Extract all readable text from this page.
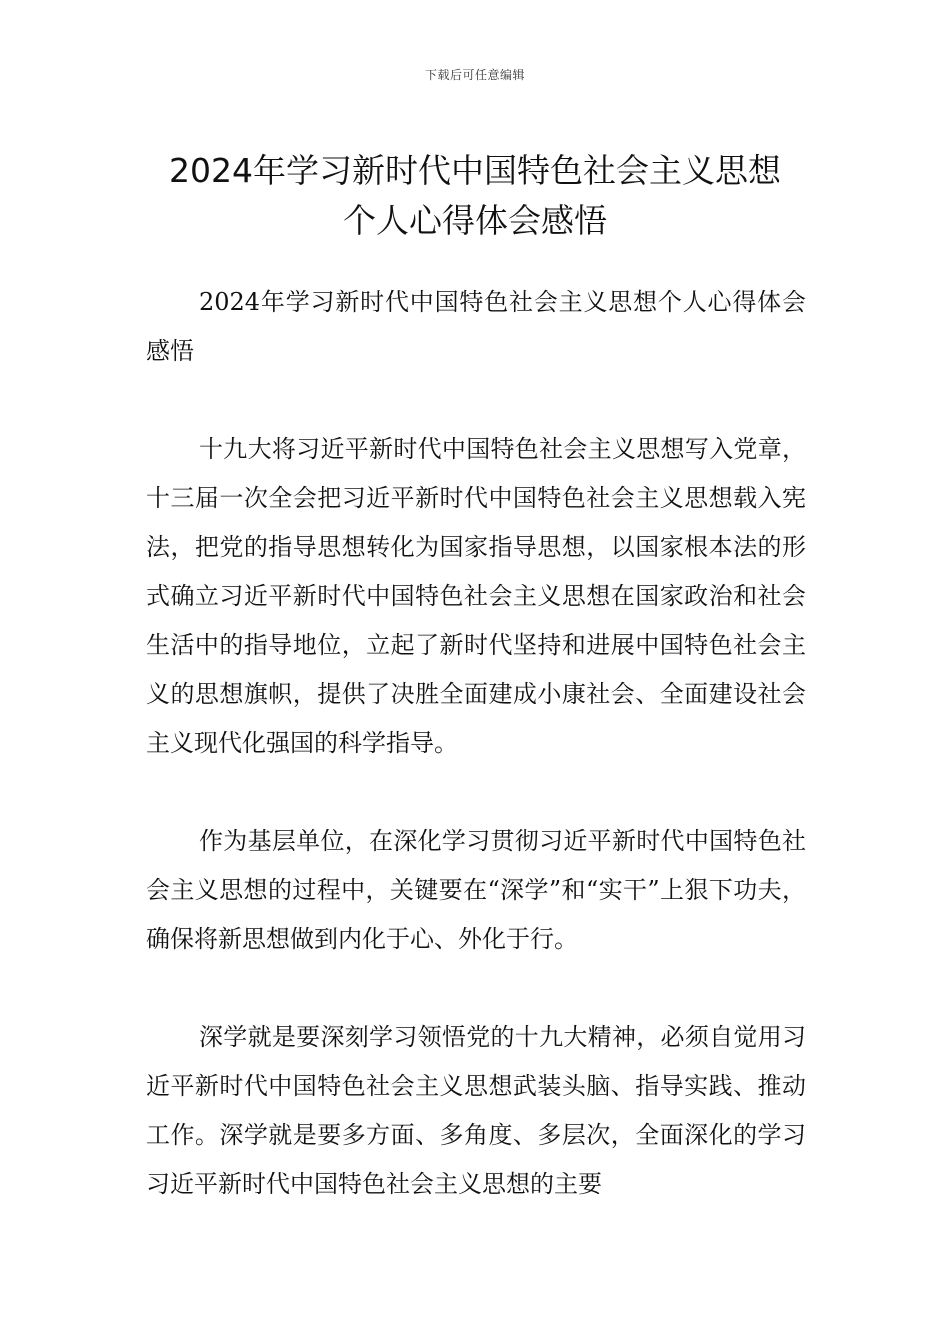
下载后可任意编辑
2024年学习新时代中国特色社会主义思想
个人心得体会感悟

2024年学习新时代中国特色社会主义思想个人心得体会感悟

十九大将习近平新时代中国特色社会主义思想写入党章，十三届一次全会把习近平新时代中国特色社会主义思想载入宪法，把党的指导思想转化为国家指导思想，以国家根本法的形式确立习近平新时代中国特色社会主义思想在国家政治和社会生活中的指导地位，立起了新时代坚持和进展中国特色社会主义的思想旗帜，提供了决胜全面建成小康社会、全面建设社会主义现代化强国的科学指导。

作为基层单位，在深化学习贯彻习近平新时代中国特色社会主义思想的过程中，关键要在“深学”和“实干”上狠下功夫，确保将新思想做到内化于心、外化于行。

深学就是要深刻学习领悟党的十九大精神，必须自觉用习近平新时代中国特色社会主义思想武装头脑、指导实践、推动工作。深学就是要多方面、多角度、多层次，全面深化的学习习近平新时代中国特色社会主义思想的主要
